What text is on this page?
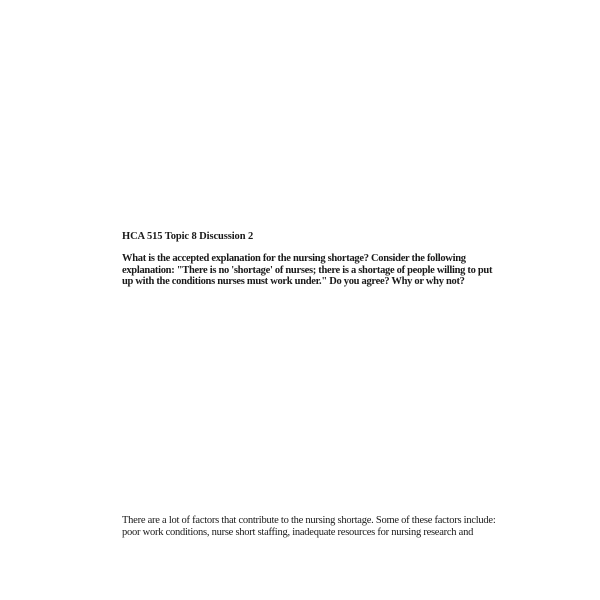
HCA 515 Topic 8 Discussion 2
What is the accepted explanation for the nursing shortage? Consider the following
explanation: "There is no 'shortage' of nurses; there is a shortage of people willing to put
up with the conditions nurses must work under." Do you agree? Why or why not?
There are a lot of factors that contribute to the nursing shortage. Some of these factors include:
poor work conditions, nurse short staffing, inadequate resources for nursing research and
